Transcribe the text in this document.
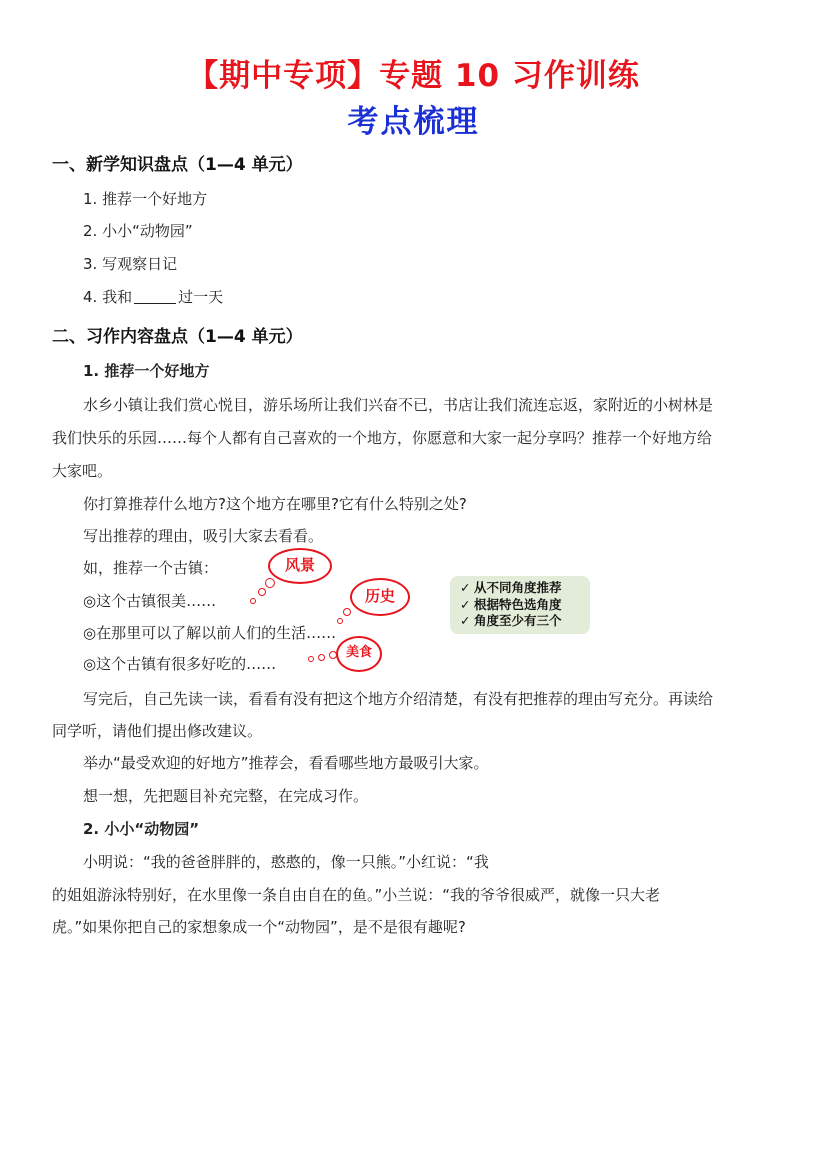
【期中专项】专题 10 习作训练
考点梳理
一、新学知识盘点（1—4 单元）
1. 推荐一个好地方
2. 小小“动物园”
3. 写观察日记
4. 我和	过一天
二、习作内容盘点（1—4 单元）
1. 推荐一个好地方
水乡小镇让我们赏心悦目，游乐场所让我们兴奋不已，书店让我们流连忘返，家附近的小树林是
我们快乐的乐园……每个人都有自己喜欢的一个地方，你愿意和大家一起分享吗？推荐一个好地方给
大家吧。
你打算推荐什么地方?这个地方在哪里?它有什么特别之处?
写出推荐的理由，吸引大家去看看。
如，推荐一个古镇：
◎这个古镇很美……
◎在那里可以了解以前人们的生活……
◎这个古镇有很多好吃的……
风景
历史
美食
✓ 从不同角度推荐
✓ 根据特色选角度
✓ 角度至少有三个
写完后，自己先读一读，看看有没有把这个地方介绍清楚，有没有把推荐的理由写充分。再读给
同学听，请他们提出修改建议。
举办“最受欢迎的好地方”推荐会，看看哪些地方最吸引大家。
想一想，先把题目补充完整，在完成习作。
2. 小小“动物园”
小明说：“我的爸爸胖胖的，憨憨的，像一只熊。”小红说：“我
的姐姐游泳特别好，在水里像一条自由自在的鱼。”小兰说：“我的爷爷很威严，就像一只大老
虎。”如果你把自己的家想象成一个“动物园”，是不是很有趣呢?
